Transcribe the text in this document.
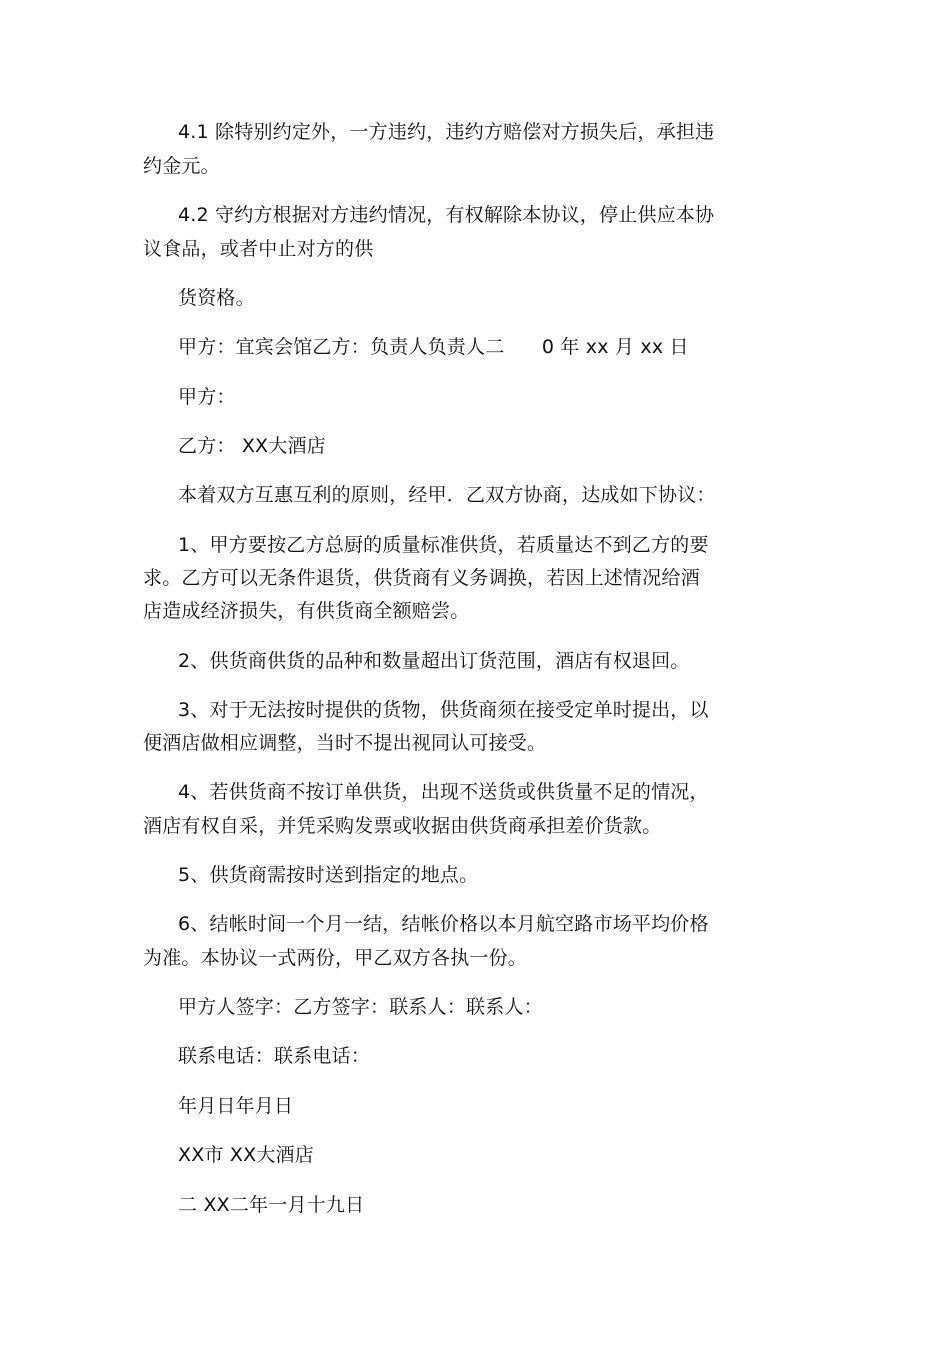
4.1 除特别约定外，一方违约，违约方赔偿对方损失后，承担违
约金元。
4.2 守约方根据对方违约情况，有权解除本协议，停止供应本协
议食品，或者中止对方的供
货资格。
甲方：宜宾会馆乙方：负责人负责人二      0 年 xx 月 xx 日
甲方：
乙方： XX大酒店
本着双方互惠互利的原则，经甲．乙双方协商，达成如下协议：
1、甲方要按乙方总厨的质量标准供货，若质量达不到乙方的要
求。乙方可以无条件退货，供货商有义务调换，若因上述情况给酒
店造成经济损失，有供货商全额赔尝。
2、供货商供货的品种和数量超出订货范围，酒店有权退回。
3、对于无法按时提供的货物，供货商须在接受定单时提出，以
便酒店做相应调整，当时不提出视同认可接受。
4、若供货商不按订单供货，出现不送货或供货量不足的情况，
酒店有权自采，并凭采购发票或收据由供货商承担差价货款。
5、供货商需按时送到指定的地点。
6、结帐时间一个月一结，结帐价格以本月航空路市场平均价格
为准。本协议一式两份，甲乙双方各执一份。
甲方人签字：乙方签字：联系人：联系人：
联系电话：联系电话：
年月日年月日
XX市 XX大酒店
二 XX二年一月十九日
